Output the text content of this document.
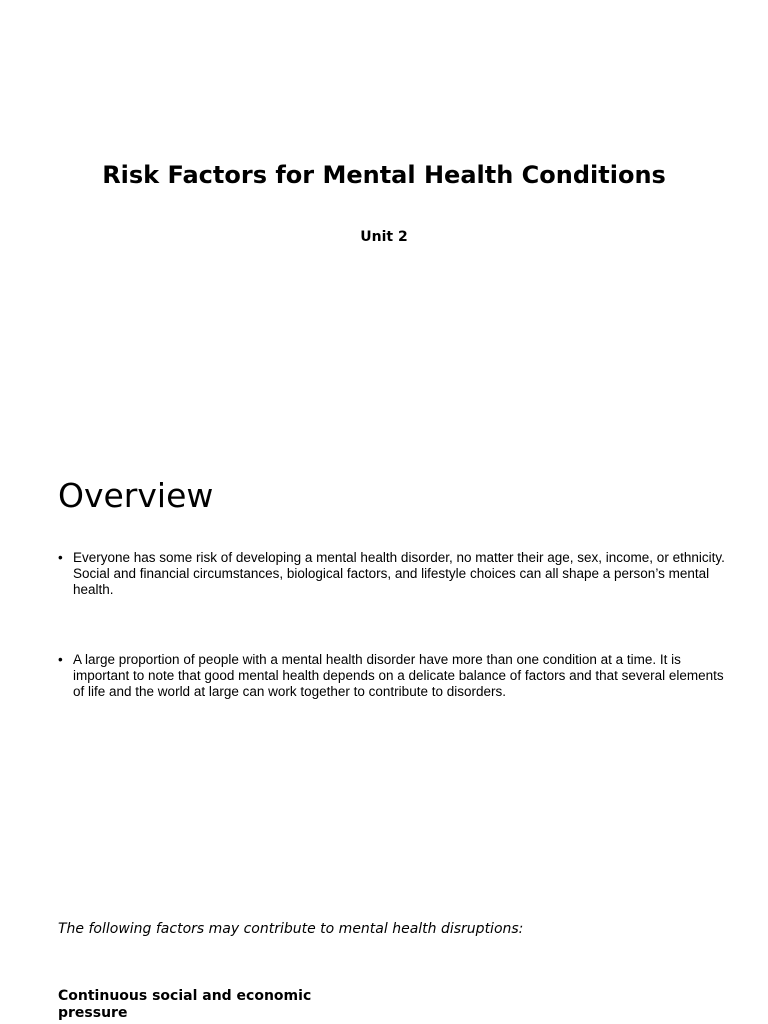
Risk Factors for Mental Health Conditions
Unit 2
Overview
• Everyone has some risk of developing a mental health disorder, no matter their age, sex, income, or ethnicity. Social and financial circumstances, biological factors, and lifestyle choices can all shape a person’s mental health.
• A large proportion of people with a mental health disorder have more than one condition at a time. It is important to note that good mental health depends on a delicate balance of factors and that several elements of life and the world at large can work together to contribute to disorders.

The following factors may contribute to mental health disruptions:

Continuous social and economic pressure
